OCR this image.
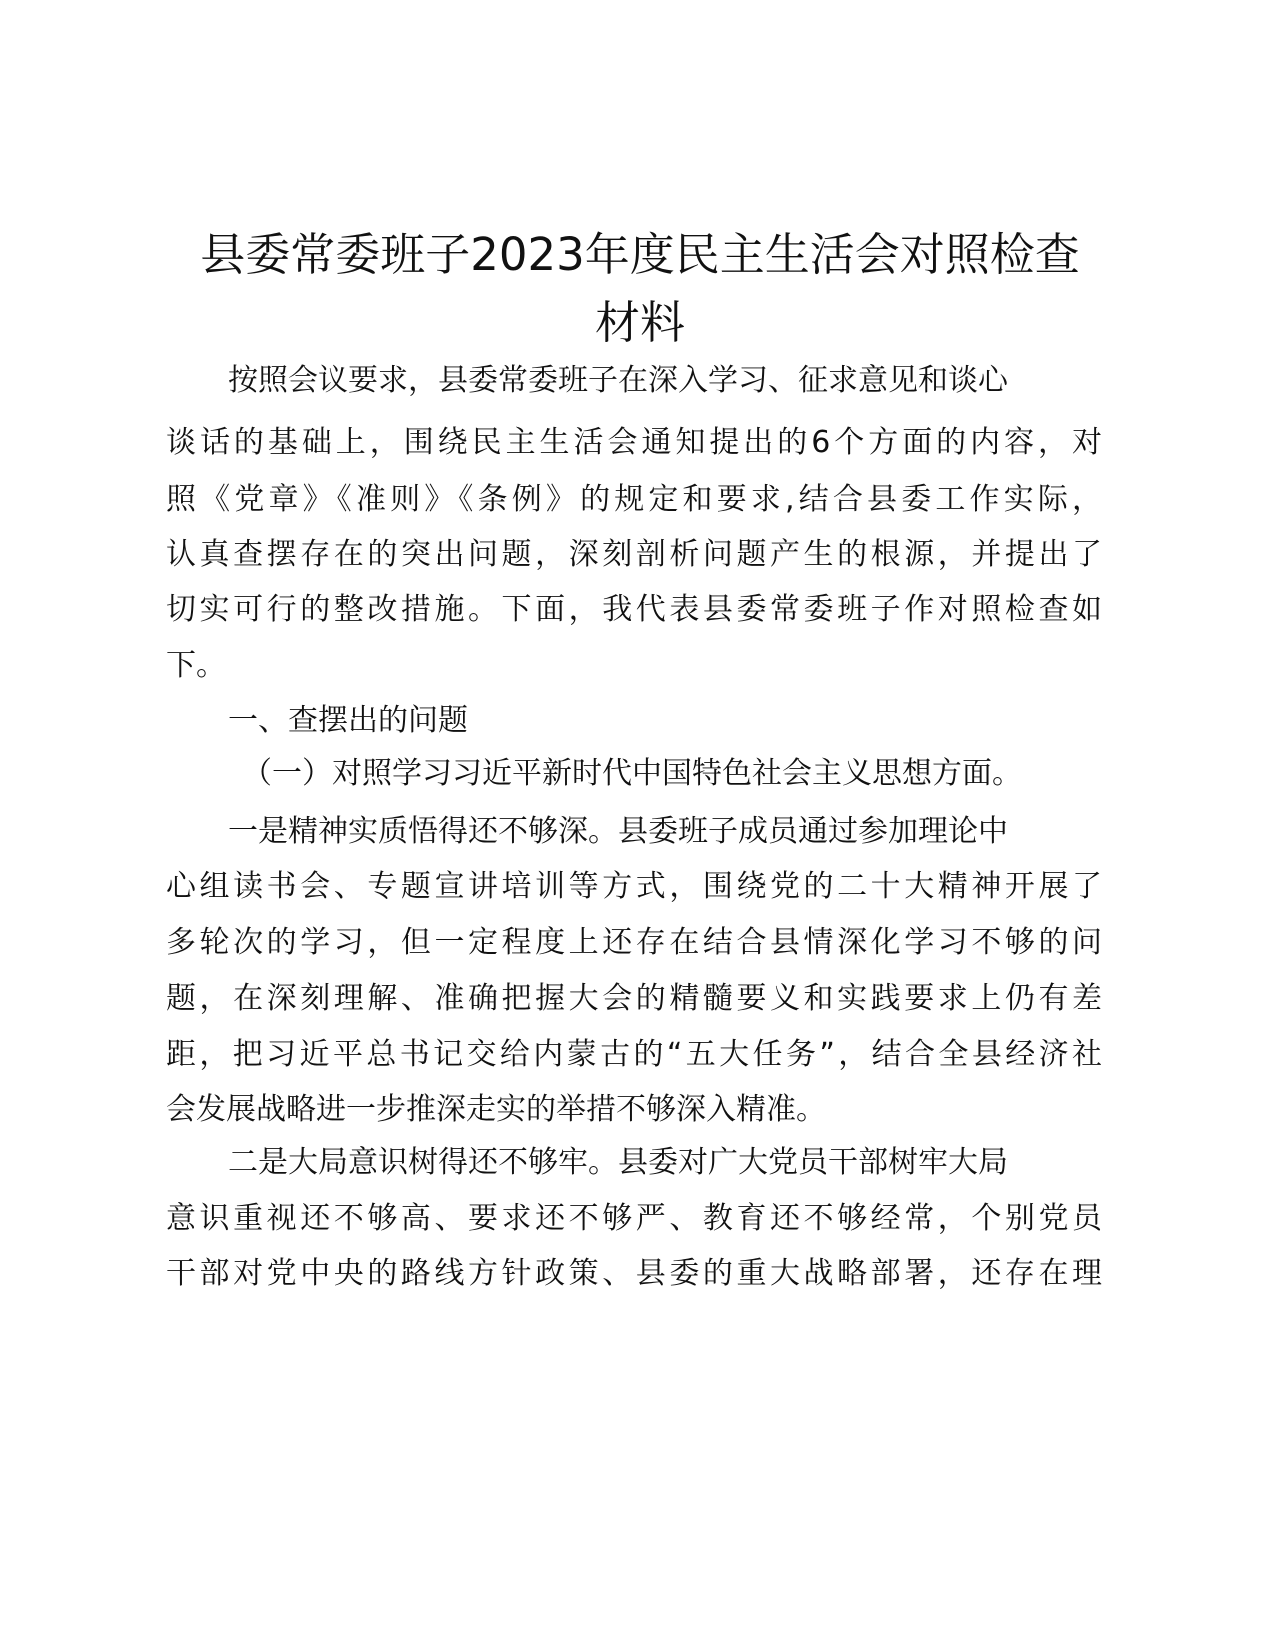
县委常委班子2023年度民主生活会对照检查
材料

按照会议要求，县委常委班子在深入学习、征求意见和谈心

谈话的基础上，围绕民主生活会通知提出的6个方面的内容，对

照《党章》《准则》《条例》的规定和要求,结合县委工作实际，

认真查摆存在的突出问题，深刻剖析问题产生的根源，并提出了

切实可行的整改措施。下面，我代表县委常委班子作对照检查如

下。

一、查摆出的问题

（一）对照学习习近平新时代中国特色社会主义思想方面。

一是精神实质悟得还不够深。县委班子成员通过参加理论中

心组读书会、专题宣讲培训等方式，围绕党的二十大精神开展了

多轮次的学习，但一定程度上还存在结合县情深化学习不够的问

题，在深刻理解、准确把握大会的精髓要义和实践要求上仍有差

距，把习近平总书记交给内蒙古的“五大任务”，结合全县经济社

会发展战略进一步推深走实的举措不够深入精准。

二是大局意识树得还不够牢。县委对广大党员干部树牢大局

意识重视还不够高、要求还不够严、教育还不够经常，个别党员

干部对党中央的路线方针政策、县委的重大战略部署，还存在理
